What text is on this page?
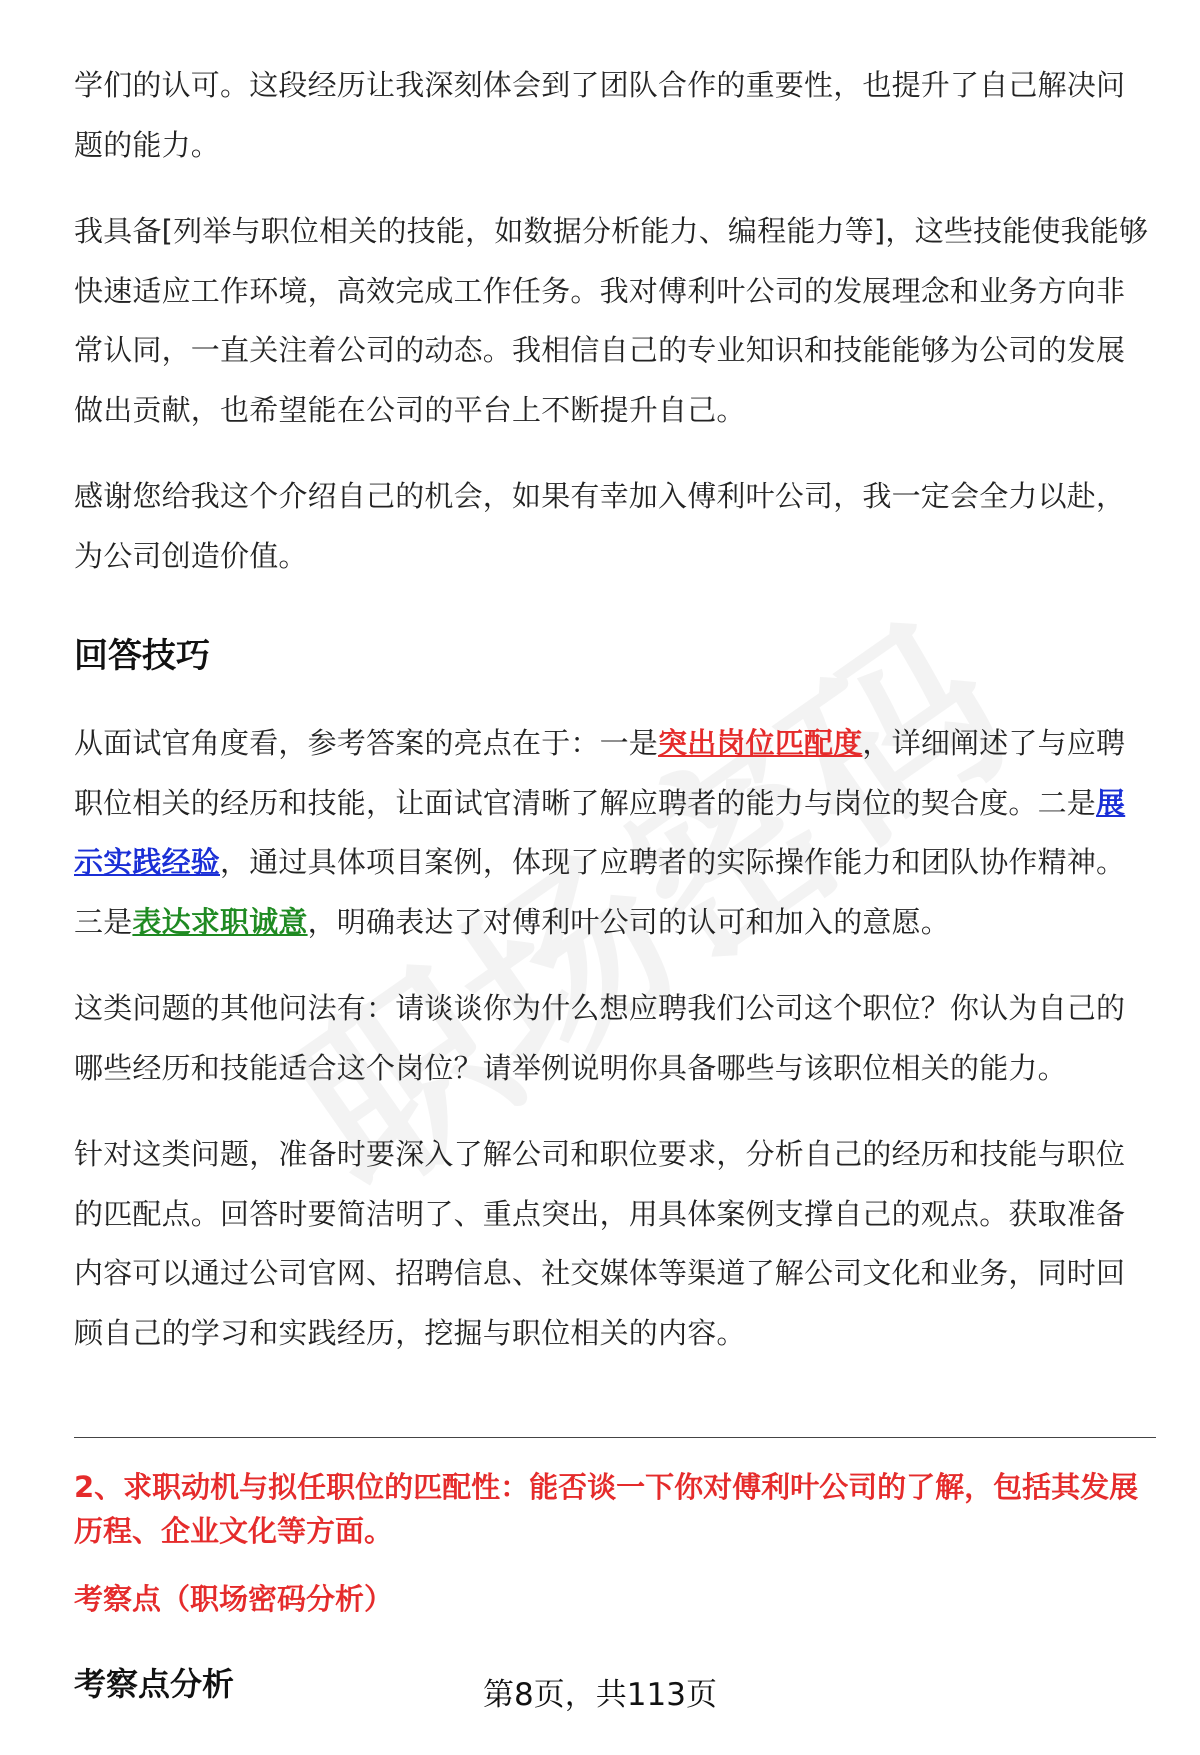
学们的认可。这段经历让我深刻体会到了团队合作的重要性，也提升了自己解决问题的能力。

我具备[列举与职位相关的技能，如数据分析能力、编程能力等]，这些技能使我能够快速适应工作环境，高效完成工作任务。我对傅利叶公司的发展理念和业务方向非常认同，一直关注着公司的动态。我相信自己的专业知识和技能能够为公司的发展做出贡献，也希望能在公司的平台上不断提升自己。

感谢您给我这个介绍自己的机会，如果有幸加入傅利叶公司，我一定会全力以赴，为公司创造价值。

回答技巧

从面试官角度看，参考答案的亮点在于：一是突出岗位匹配度，详细阐述了与应聘职位相关的经历和技能，让面试官清晰了解应聘者的能力与岗位的契合度。二是展示实践经验，通过具体项目案例，体现了应聘者的实际操作能力和团队协作精神。三是表达求职诚意，明确表达了对傅利叶公司的认可和加入的意愿。

这类问题的其他问法有：请谈谈你为什么想应聘我们公司这个职位？你认为自己的哪些经历和技能适合这个岗位？请举例说明你具备哪些与该职位相关的能力。

针对这类问题，准备时要深入了解公司和职位要求，分析自己的经历和技能与职位的匹配点。回答时要简洁明了、重点突出，用具体案例支撑自己的观点。获取准备内容可以通过公司官网、招聘信息、社交媒体等渠道了解公司文化和业务，同时回顾自己的学习和实践经历，挖掘与职位相关的内容。

2、求职动机与拟任职位的匹配性：能否谈一下你对傅利叶公司的了解，包括其发展历程、企业文化等方面。
考察点（职场密码分析）
考察点分析	第8页，共113页
